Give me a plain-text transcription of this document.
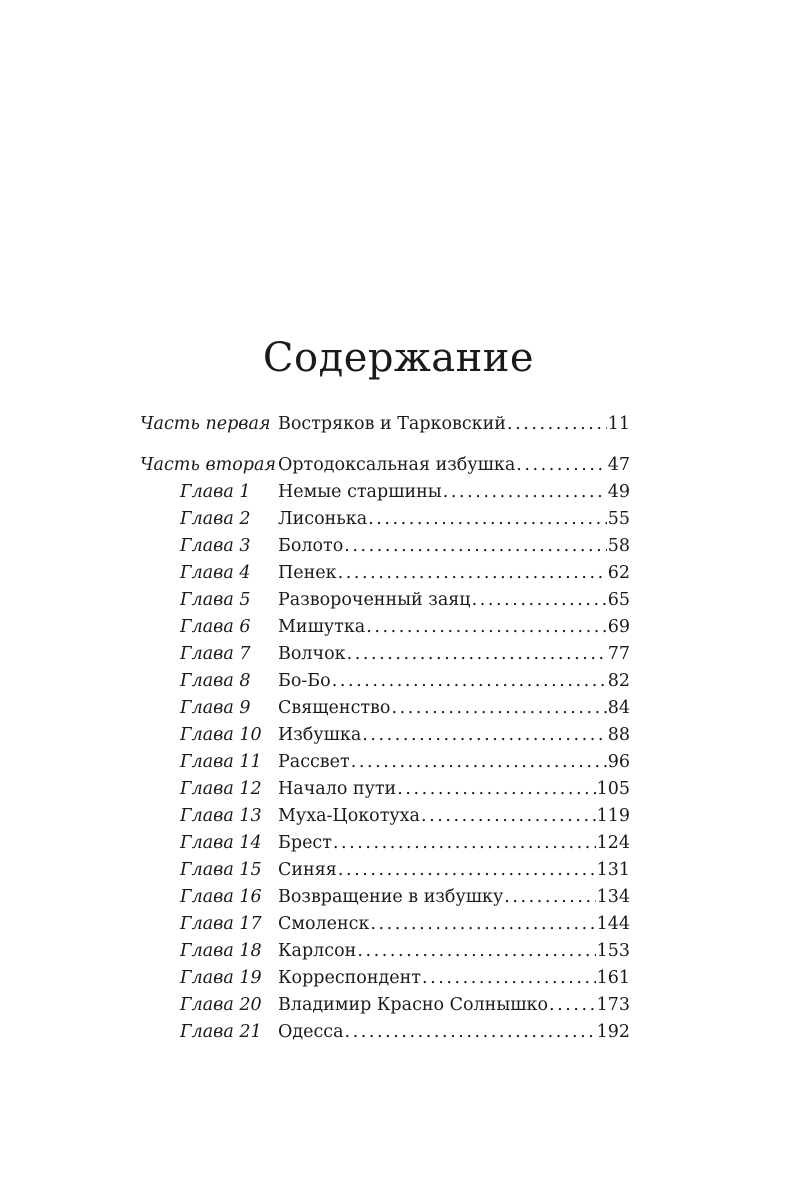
Содержание
Часть первая Востряков и Тарковский . . .	11
Часть вторая Ортодоксальная избушка . . .	47
Глава 1	Немые старшины . . .	49
Глава 2	Лисонька . . .	55
Глава 3	Болото . . .	58
Глава 4	Пенек . . .	62
Глава 5	Развороченный заяц . . .	65
Глава 6	Мишутка . . .	69
Глава 7	Волчок . . .	77
Глава 8	Бо-Бо . . .	82
Глава 9	Священство . . .	84
Глава 10 Избушка . . .	88
Глава 11 Рассвет . . .	96
Глава 12 Начало пути . . .	105
Глава 13 Муха-Цокотуха . . .	119
Глава 14 Брест . . .	124
Глава 15 Синяя . . .	131
Глава 16 Возвращение в избушку . . .	134
Глава 17 Смоленск . . .	144
Глава 18 Карлсон . . .	153
Глава 19 Корреспондент . . .	161
Глава 20 Владимир Красно Солнышко . . .	173
Глава 21 Одесса . . .	192
